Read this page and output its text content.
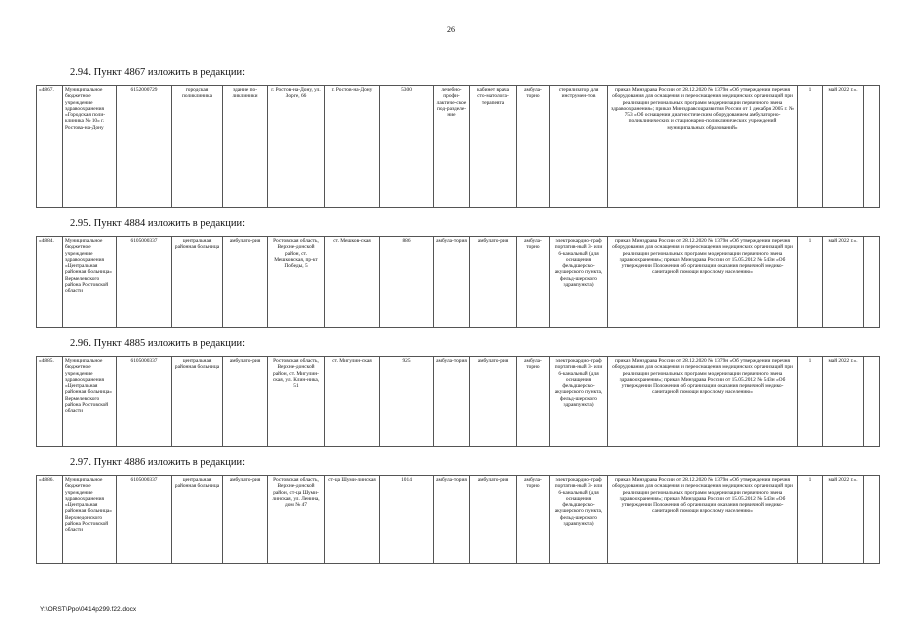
26
2.94. Пункт 4867 изложить в редакции:
«4867.	Муниципальное бюджетное учреждение здравоохранения «Городская поли-клиника № 10» г. Ростова-на-Дону	6152000729	городская поликлиника	здание по-ликлиники	г. Ростов-на-Дону, ул. Зорге, 66	г. Ростов-на-Дону	5300	лечебно-профи-лактиче-ское под-разделе-ние	кабинет врача сто-матолога-терапевта	амбула-торно	стерилизатор для инструмен-тов	приказ Минздрава России от 28.12.2020 № 1379н «Об утверждении перечня оборудования для оснащения и переоснащения медицинских организаций при реализации региональных программ модернизации первичного звена здравоохранения»; приказ Минздравсоцразвития России от 1 декабря 2005 г. № 753 «Об оснащении диагностическим оборудованием амбулаторно-поликлинических и стационарно-поликлинических учреждений муниципальных образований»	1	май 2022 г.».	
2.95. Пункт 4884 изложить в редакции:
«4884.	Муниципальное бюджетное учреждение здравоохранения «Центральная районная больница» Вермелевского района Ростовской области	6105000337	центральная районная больница	амбулато-рия	Ростовская область, Верхне-донской район, ст. Мешковская, пр-кт Победы, 5	ст. Мешков-ская	886	амбула-тория	амбулато-рия	амбула-торно	электрокардио-граф портатив-ный 3- или 6-канальный (для оснащения фельдшерско-акушерского пункта, фельд-шерского здравпункта)	приказ Минздрава России от 28.12.2020 № 1379н «Об утверждении перечня оборудования для оснащения и переоснащения медицинских организаций при реализации региональных программ модернизации первичного звена здравоохранения»; приказ Минздрава России от 15.05.2012 № 543н «Об утверждении Положения об организации оказания первичной медико-санитарной помощи взрослому населению»	1	май 2022 г.».	
2.96. Пункт 4885 изложить в редакции:
«4885.	Муниципальное бюджетное учреждение здравоохранения «Центральная районная больница» Вермелевского района Ростовской области	6105000337	центральная районная больница	амбулато-рия	Ростовская область, Верхне-донской район, ст. Мигулин-ская, ул. Клин-ника, 51	ст. Мигулин-ская	925	амбула-тория	амбулато-рия	амбула-торно	электрокардио-граф портатив-ный 3- или 6-канальный (для оснащения фельдшерско-акушерского пункта, фельд-шерского здравпункта)	приказ Минздрава России от 28.12.2020 № 1379н «Об утверждении перечня оборудования для оснащения и переоснащения медицинских организаций при реализации региональных программ модернизации первичного звена здравоохранения»; приказ Минздрава России от 15.05.2012 № 543н «Об утверждении Положения об организации оказания первичной медико-санитарной помощи взрослому населению»	1	май 2022 г.».	
2.97. Пункт 4886 изложить в редакции:
«4886.	Муниципальное бюджетное учреждение здравоохранения «Центральная районная больница» Верхнедонского района Ростовской области	6105000337	центральная районная больница	амбулато-рия	Ростовская область, Верхне-донской район, ст-ца Шуми-линская, ул. Ленина, дом № 47	ст-ца Шуми-линская	1014	амбула-тория	амбулато-рия	амбула-торно	электрокардио-граф портатив-ный 3- или 6-канальный (для оснащения фельдшерско-акушерского пункта, фельд-шерского здравпункта)	приказ Минздрава России от 28.12.2020 № 1379н «Об утверждении перечня оборудования для оснащения и переоснащения медицинских организаций при реализации региональных программ модернизации первичного звена здравоохранения»; приказ Минздрава России от 15.05.2012 № 543н «Об утверждении Положения об организации оказания первичной медико-санитарной помощи взрослому населению»	1	май 2022 г.».	
Y:\ORST\Ppo\0414p299.f22.docx
